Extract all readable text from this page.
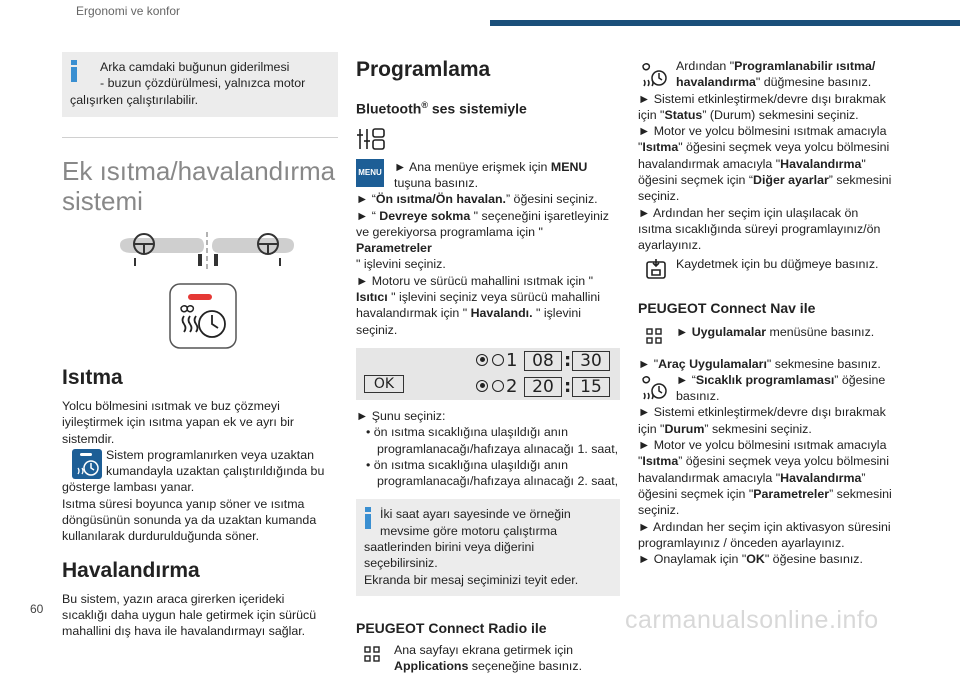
Ergonomi ve konfor
Arka camdaki buğunun giderilmesi
- buzun çözdürülmesi, yalnızca motor
çalışırken çalıştırılabilir.
Ek ısıtma/havalandırma
sistemi
Isıtma
Yolcu bölmesini ısıtmak ve buz çözmeyi
iyileştirmek için ısıtma yapan ek ve ayrı bir
sistemdir.
Sistem programlanırken veya uzaktan
kumandayla uzaktan çalıştırıldığında bu
gösterge lambası yanar.
Isıtma süresi boyunca yanıp söner ve ısıtma
döngüsünün sonunda ya da uzaktan kumanda
kullanılarak durdurulduğunda söner.
Havalandırma
Bu sistem, yazın araca girerken içerideki
sıcaklığı daha uygun hale getirmek için sürücü
mahallini dış hava ile havalandırmayı sağlar.
Programlama
Bluetooth® ses sistemiyle
MENU ► Ana menüye erişmek için MENU
tuşuna basınız.
► “Ön ısıtma/Ön havalan.” öğesini seçiniz.
► “ Devreye sokma " seçeneğini işaretleyiniz
ve gerekiyorsa programlama için " Parametreler
" işlevini seçiniz.
► Motoru ve sürücü mahallini ısıtmak için "
Isıtıcı " işlevini seçiniz veya sürücü mahallini
havalandırmak için " Havalandı. " işlevini seçiniz.
OK
1 08 : 30
2 20 : 15
► Şunu seçiniz:
• ön ısıtma sıcaklığına ulaşıldığı anın
programlanacağı/hafızaya alınacağı 1. saat,
• ön ısıtma sıcaklığına ulaşıldığı anın
programlanacağı/hafızaya alınacağı 2. saat,
İki saat ayarı sayesinde ve örneğin
mevsime göre motoru çalıştırma
saatlerinden birini veya diğerini seçebilirsiniz.
Ekranda bir mesaj seçiminizi teyit eder.
PEUGEOT Connect Radio ile
Ana sayfayı ekrana getirmek için
Applications seçeneğine basınız.
Ardından "Programlanabilir ısıtma/
havalandırma" düğmesine basınız.
► Sistemi etkinleştirmek/devre dışı bırakmak
için "Status” (Durum) sekmesini seçiniz.
► Motor ve yolcu bölmesini ısıtmak amacıyla
"Isıtma" öğesini seçmek veya yolcu bölmesini
havalandırmak amacıyla "Havalandırma"
öğesini seçmek için “Diğer ayarlar” sekmesini
seçiniz.
► Ardından her seçim için ulaşılacak ön
ısıtma sıcaklığında süreyi programlayınız/ön
ayarlayınız.
Kaydetmek için bu düğmeye basınız.
PEUGEOT Connect Nav ile
► Uygulamalar menüsüne basınız.
► "Araç Uygulamaları" sekmesine basınız.
► “Sıcaklık programlaması” öğesine
basınız.
► Sistemi etkinleştirmek/devre dışı bırakmak
için "Durum” sekmesini seçiniz.
► Motor ve yolcu bölmesini ısıtmak amacıyla
"Isıtma” öğesini seçmek veya yolcu bölmesini
havalandırmak amacıyla "Havalandırma”
öğesini seçmek için "Parametreler” sekmesini
seçiniz.
► Ardından her seçim için aktivasyon süresini
programlayınız / önceden ayarlayınız.
► Onaylamak için "OK" öğesine basınız.
60	carmanualsonline.info
